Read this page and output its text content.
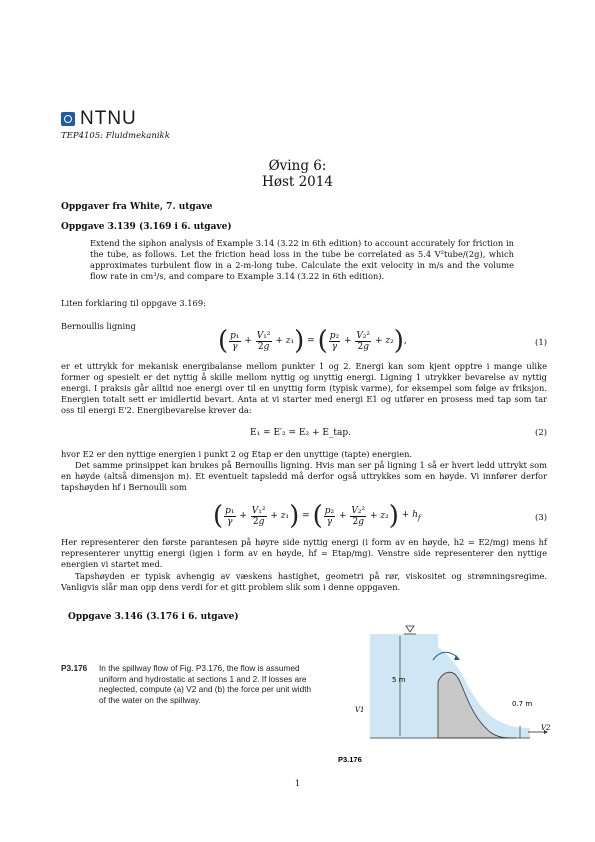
NTNU
TEP4105: Fluidmekanikk
Øving 6:
Høst 2014
Oppgaver fra White, 7. utgave
Oppgave 3.139 (3.169 i 6. utgave)
Extend the siphon analysis of Example 3.14 (3.22 in 6th edition) to account accurately for friction in the tube, as follows. Let the friction head loss in the tube be correlated as 5.4 V²tube/(2g), which approximates turbulent flow in a 2-m-long tube. Calculate the exit velocity in m/s and the volume flow rate in cm³/s, and compare to Example 3.14 (3.22 in 6th edition).
Liten forklaring til oppgave 3.169:
Bernoullis ligning	( $\frac{\text{p₁}}{\gamma} + \frac{\text{V₁²}}{2g} + z_1$ ) = ( $\frac{\text{p₂}}{\gamma} + \frac{\text{V₂²}}{2g} + z_2$ ) ,	(1)
er et uttrykk for mekanisk energibalanse mellom punkter 1 og 2. Energi kan som kjent opptre i mange ulike former og spesielt er det nyttig å skille mellom nyttig og unyttig energi. Ligning 1 utrykker bevarelse av nyttig energi. I praksis går alltid noe energi over til en unyttig form (typisk varme), for eksempel som følge av friksjon. Energien totalt sett er imidlertid bevart. Anta at vi starter med energi E1 og utfører en prosess med tap som tar oss til energi E'2. Energibevarelse krever da:
E₁ = E′₂ = E₂ + E_tap.	(2)
hvor E2 er den nyttige energien i punkt 2 og Etap er den unyttige (tapte) energien.
Det samme prinsippet kan brukes på Bernoullis ligning. Hvis man ser på ligning 1 så er hvert ledd uttrykt som en høyde (altså dimensjon m). Et eventuelt tapsledd må derfor også uttrykkes som en høyde. Vi innfører derfor tapshøyden hf i Bernoulli som
( $\frac{\text{p₁}}{\gamma} + \frac{\text{V₁²}}{2g} + z_1$ ) = ( $\frac{\text{p₂}}{\gamma} + \frac{\text{V₂²}}{2g} + z_2$ ) + $h_f$	(3)
Her representerer den første parantesen på høyre side nyttig energi (i form av en høyde, h2 = E2/mg) mens hf representerer unyttig energi (igjen i form av en høyde, hf = Etap/mg). Venstre side representerer den nyttige energien vi startet med.
Tapshøyden er typisk avhengig av væskens hastighet, geometri på rør, viskositet og strømningsregime. Vanligvis slår man opp dens verdi for et gitt problem slik som i denne oppgaven.
Oppgave 3.146 (3.176 i 6. utgave)
P3.176	In the spillway flow of Fig. P3.176, the flow is assumed
uniform and hydrostatic at sections 1 and 2. If losses are
neglected, compute (a) V2 and (b) the force per unit width
of the water on the spillway.
5 m
0.7 m
V1
V2
P3.176
1
